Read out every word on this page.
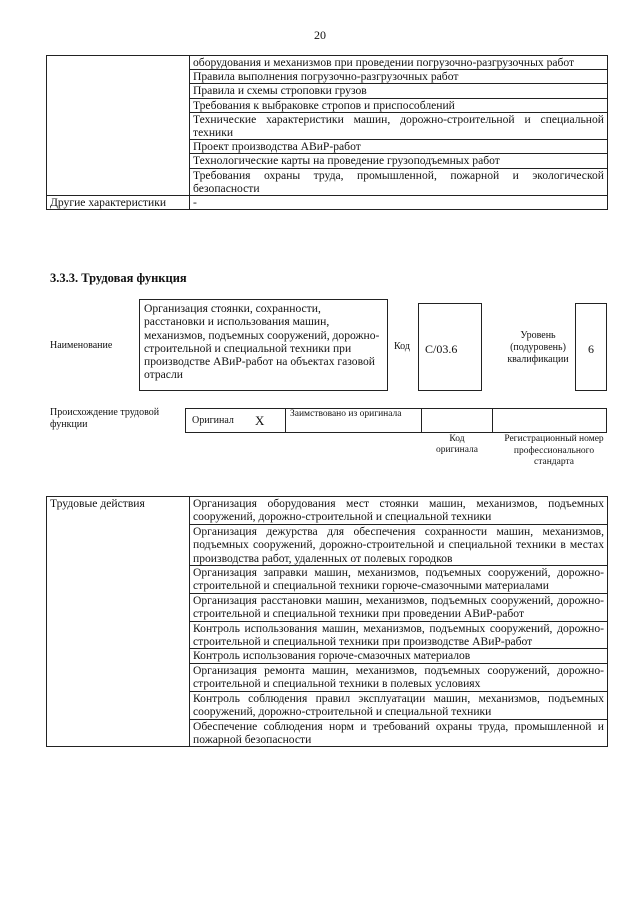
20
	оборудования и механизмов при проведении погрузочно-разгрузочных работ
	Правила выполнения погрузочно-разгрузочных работ
	Правила и схемы строповки грузов
	Требования к выбраковке стропов и приспособлений
	Технические характеристики машин, дорожно-строительной и специальной техники
	Проект производства АВиР-работ
	Технологические карты на проведение грузоподъемных работ
	Требования охраны труда, промышленной, пожарной и экологической безопасности
Другие характеристики	-
3.3.3. Трудовая функция
Наименование
Организация стоянки, сохранности, расстановки и использования машин, механизмов, подъемных сооружений, дорожно-строительной и специальной техники при производстве АВиР-работ на объектах газовой отрасли
Код	C/03.6
Уровень (подуровень) квалификации
6
Происхождение трудовой функции	Оригинал X	Заимствовано из оригинала
Код оригинала
Регистрационный номер профессионального стандарта
Трудовые действия	Организация оборудования мест стоянки машин, механизмов, подъемных сооружений, дорожно-строительной и специальной техники
Организация дежурства для обеспечения сохранности машин, механизмов, подъемных сооружений, дорожно-строительной и специальной техники в местах производства работ, удаленных от полевых городков
Организация заправки машин, механизмов, подъемных сооружений, дорожно-строительной и специальной техники горюче-смазочными материалами
Организация расстановки машин, механизмов, подъемных сооружений, дорожно-строительной и специальной техники при проведении АВиР-работ
Контроль использования машин, механизмов, подъемных сооружений, дорожно-строительной и специальной техники при производстве АВиР-работ
Контроль использования горюче-смазочных материалов
Организация ремонта машин, механизмов, подъемных сооружений, дорожно-строительной и специальной техники в полевых условиях
Контроль соблюдения правил эксплуатации машин, механизмов, подъемных сооружений, дорожно-строительной и специальной техники
Обеспечение соблюдения норм и требований охраны труда, промышленной и пожарной безопасности
